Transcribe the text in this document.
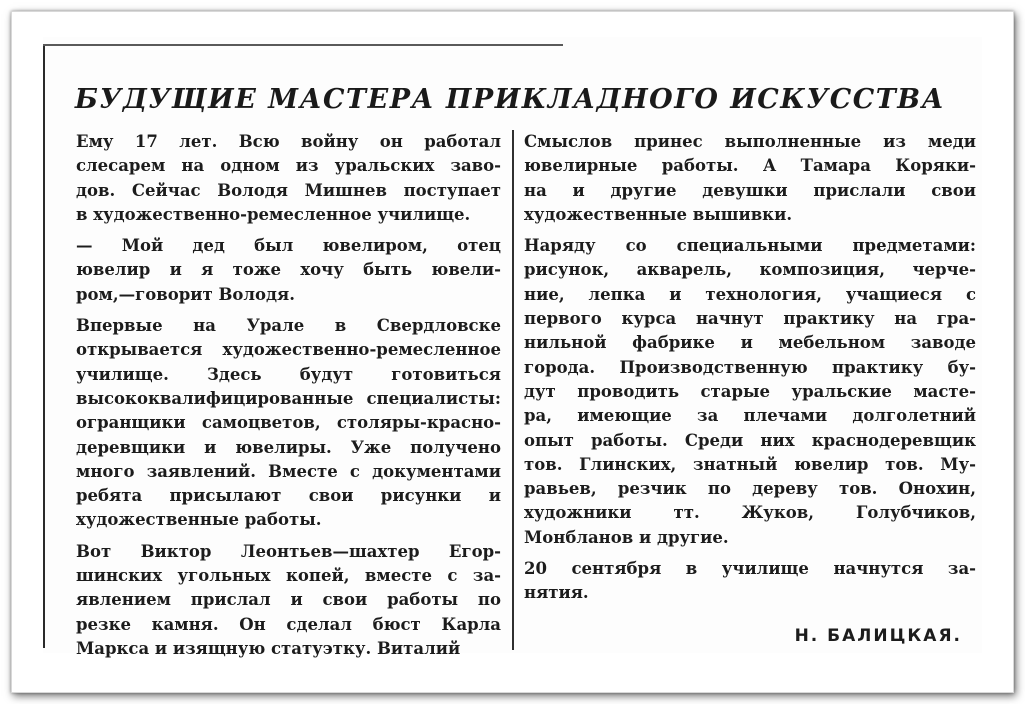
БУДУЩИЕ МАСТЕРА ПРИКЛАДНОГО ИСКУССТВА

Ему 17 лет. Всю войну он работал
слесарем на одном из уральских заво-
дов. Сейчас Володя Мишнев поступает
в художественно-ремесленное училище.

— Мой дед был ювелиром, отец
ювелир и я тоже хочу быть ювели-
ром,—говорит Володя.

Впервые на Урале в Свердловске
открывается художественно-ремесленное
училище. Здесь будут готовиться
высококвалифицированные специалисты:
огранщики самоцветов, столяры-красно-
деревщики и ювелиры. Уже получено
много заявлений. Вместе с документами
ребята присылают свои рисунки и
художественные работы.

Вот Виктор Леонтьев—шахтер Егор-
шинских угольных копей, вместе с за-
явлением прислал и свои работы по
резке камня. Он сделал бюст Карла
Маркса и изящную статуэтку. Виталий

Смыслов принес выполненные из меди
ювелирные работы. А Тамара Коряки-
на и другие девушки прислали свои
художественные вышивки.

Наряду со специальными предметами:
рисунок, акварель, композиция, черче-
ние, лепка и технология, учащиеся с
первого курса начнут практику на гра-
нильной фабрике и мебельном заводе
города. Производственную практику бу-
дут проводить старые уральские масте-
ра, имеющие за плечами долголетний
опыт работы. Среди них краснодеревщик
тов. Глинских, знатный ювелир тов. Му-
равьев, резчик по дереву тов. Онохин,
художники тт. Жуков, Голубчиков,
Монбланов и другие.

20 сентября в училище начнутся за-
нятия.

Н. БАЛИЦКАЯ.
